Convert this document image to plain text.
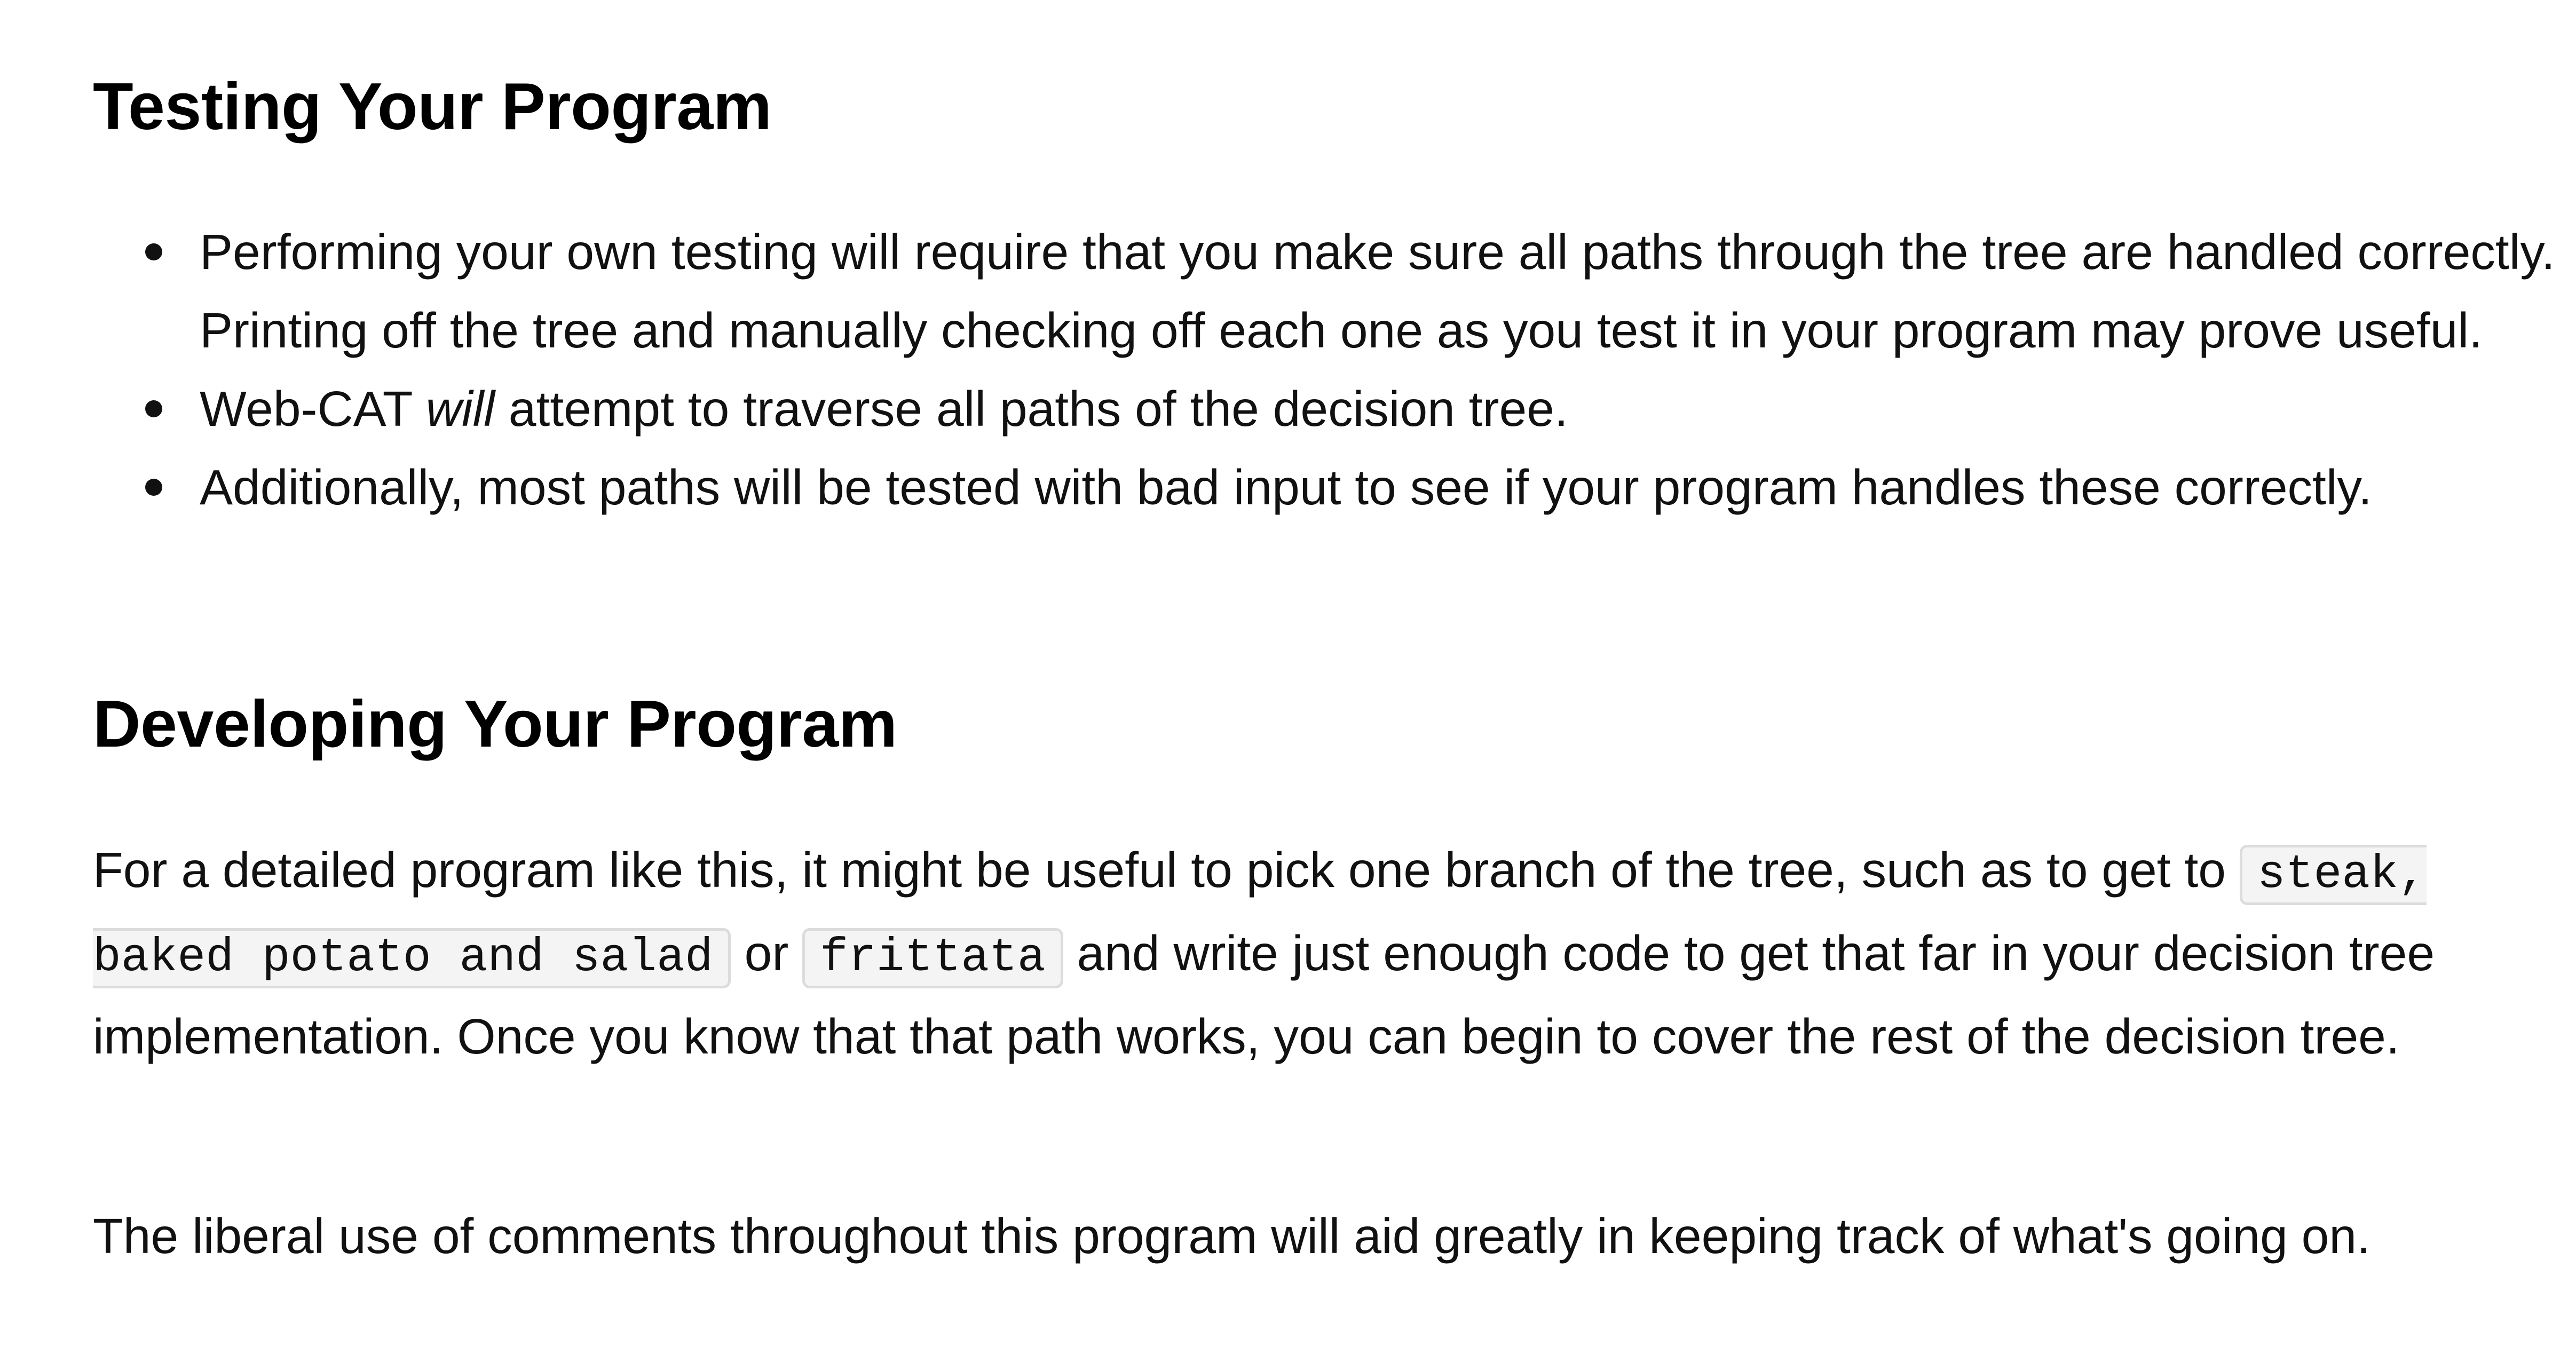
Testing Your Program
Performing your own testing will require that you make sure all paths through the tree are handled correctly. Printing off the tree and manually checking off each one as you test it in your program may prove useful.
Web-CAT will attempt to traverse all paths of the decision tree.
Additionally, most paths will be tested with bad input to see if your program handles these correctly.
Developing Your Program

For a detailed program like this, it might be useful to pick one branch of the tree, such as to get to steak, baked potato and salad or frittata and write just enough code to get that far in your decision tree implementation. Once you know that that path works, you can begin to cover the rest of the decision tree.

The liberal use of comments throughout this program will aid greatly in keeping track of what's going on.
